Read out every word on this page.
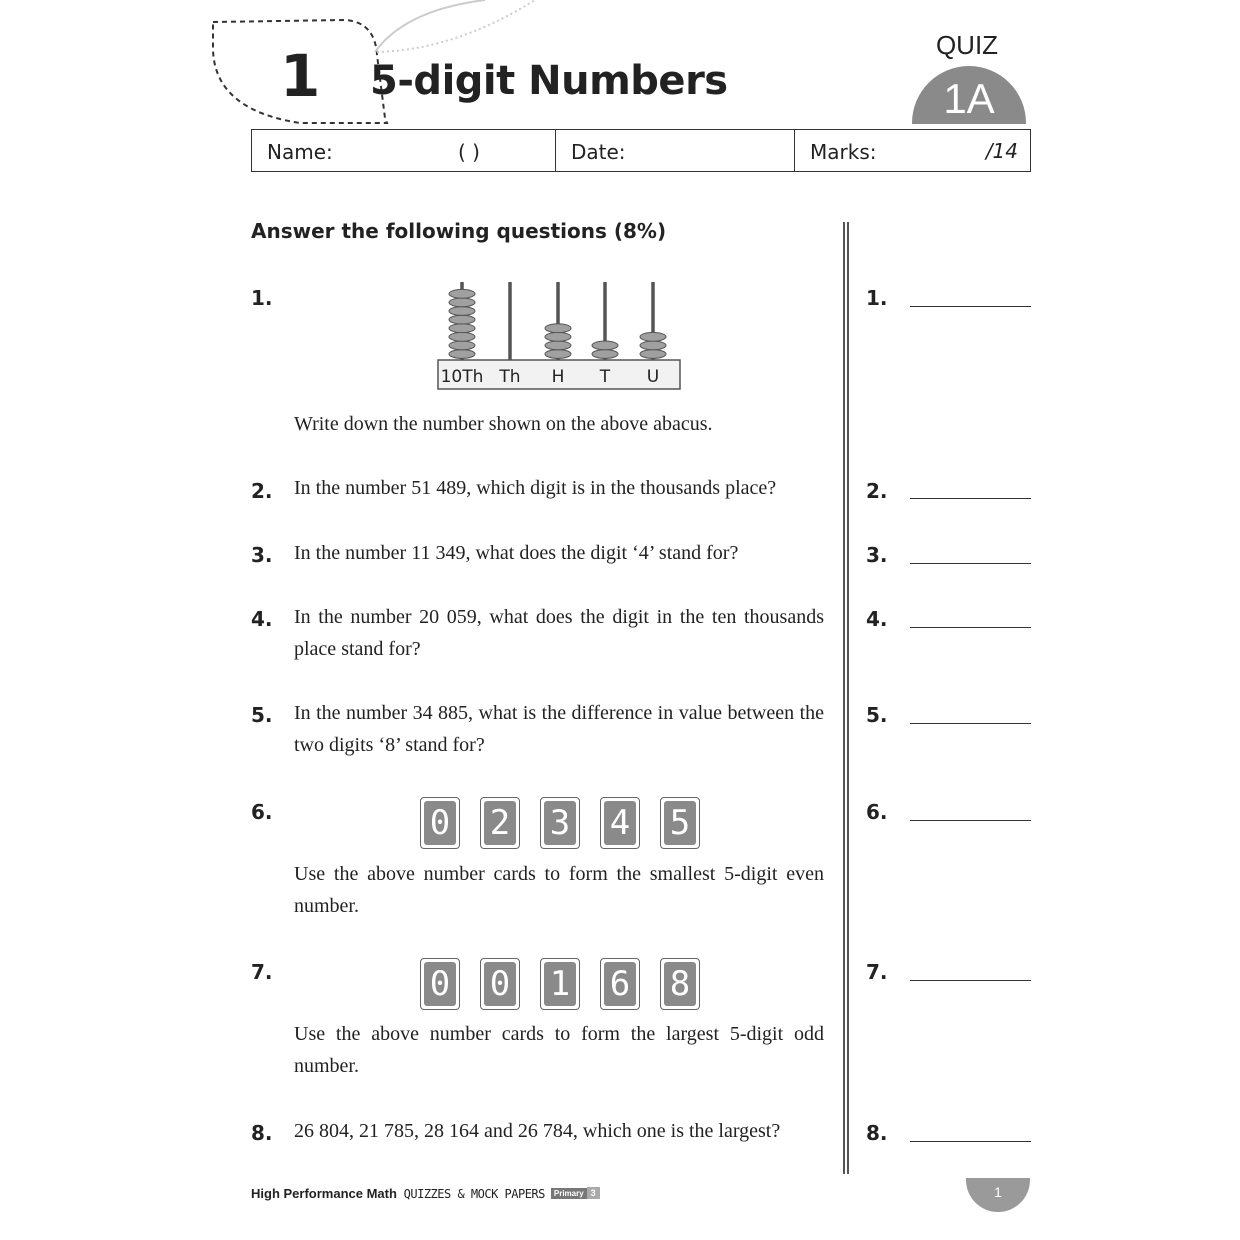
1 5-digit Numbers
QUIZ
1A
Name:	( )	Date:	Marks:	/14
Answer the following questions (8%)
1.
10Th Th H T U
Write down the number shown on the above abacus.
2. In the number 51 489, which digit is in the thousands place?
3. In the number 11 349, what does the digit ‘4’ stand for?
4. In the number 20 059, what does the digit in the ten thousands place stand for?
5. In the number 34 885, what is the difference in value between the two digits ‘8’ stand for?
6.	0 2 3 4 5
Use the above number cards to form the smallest 5-digit even number.
7.	0 0 1 6 8
Use the above number cards to form the largest 5-digit odd number.
8. 26 804, 21 785, 28 164 and 26 784, which one is the largest?
1.
2.
3.
4.
5.
6.
7.
8.
High Performance Math QUIZZES & MOCK PAPERS Primary 3	1
